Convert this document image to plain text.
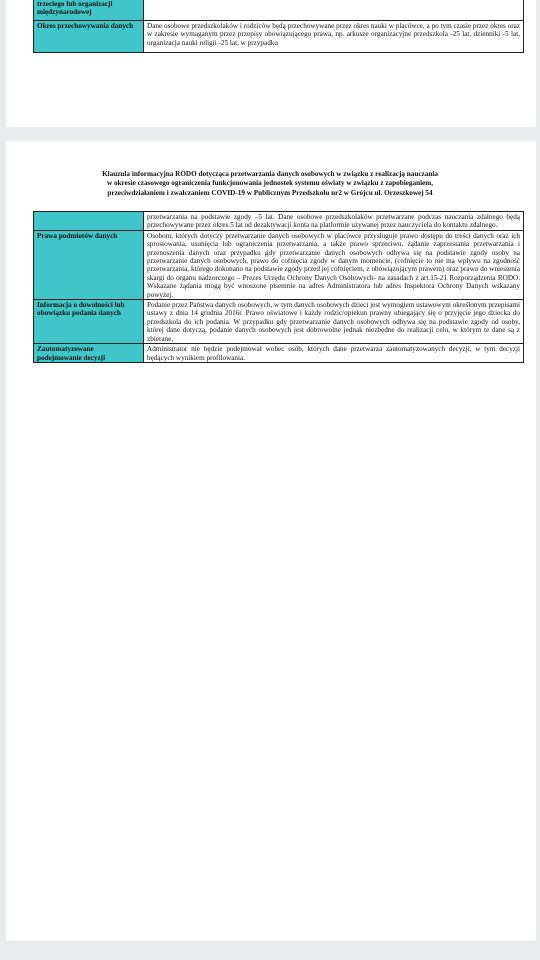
trzeciego lub organizacji międzynarodowej	
Okres przechowywania danych	Dane osobowe przedszkolaków i rodziców będą przechowywane przez okres nauki w placówce, a po tym czasie przez okres oraz w zakresie wymaganym przez przepisy obowiązującego prawa, np. arkusze organizacyjne przedszkola -25 lat, dzienniki -5 lat, organizacja nauki religii -25 lat, w przypadku
Klauzula informacyjna RODO dotycząca przetwarzania danych osobowych w związku z realizacją nauczania
w okresie czasowego ograniczenia funkcjonowania jednostek systemu oświaty w związku z zapobieganiem,
przeciwdziałaniem i zwalczaniem COVID-19 w Publicznym Przedszkolu nr2 w Grójcu ul. Orzeszkowej 54
	przetwarzania na podstawie zgody –5 lat. Dane osobowe przedszkolaków przetwarzane podczas nauczania zdalnego będą przechowywane przez okres 5 lat od dezaktywacji konta na platformie używanej przez nauczyciela do kontaktu zdalnego.
Prawa podmiotów danych	Osobom, których dotyczy przetwarzanie danych osobowych w placówce przysługuje prawo dostępu do treści danych oraz ich sprostowania, usunięcia lub ograniczenia przetwarzania, a także prawo sprzeciwu, żądanie zaprzestania przetwarzania i przenoszenia danych oraz przypadku gdy przetwarzanie danych osobowych odbywa się na podstawie zgody osoby na przetwarzanie danych osobowych, prawo do cofnięcia zgody w danym momencie, (cofnięcie to nie ma wpływu na zgodność przetwarzania, którego dokonano na podstawie zgody przed jej cofnięciem, z obowiązującym prawem) oraz prawo do wniesienia skargi do organu nadzorczego – Prezes Urzędu Ochrony Danych Osobowych- na zasadach z art.15-21 Rozporządzenia RODO. Wskazane żądania mogą być wnoszone pisemnie na adres Administratora lub adres Inspektora Ochrony Danych wskazany powyżej.
Informacja o dowolności lub obowiązku podania danych	Podanie przez Państwa danych osobowych, w tym danych osobowych dzieci jest wymogiem ustawowym określonym przepisami ustawy z dnia 14 grudnia 2016r. Prawo oświatowe i każdy rodzic/opiekun prawny ubiegający się o przyjęcie jego dziecka do przedszkola do ich podania. W przypadku gdy przetwarzanie danych osobowych odbywa się na podstawie zgody od osoby, której dane dotyczą, podanie danych osobowych jest dobrowolne jednak niezbędne do realizacji celu, w którym te dane są z zbierane.
Zautomatyzowane podejmowanie decyzji	Administrator nie będzie podejmował wobec osób, których dane przetwarza zautomatyzowanych decyzji, w tym decyzji będących wynikiem profilowania.
